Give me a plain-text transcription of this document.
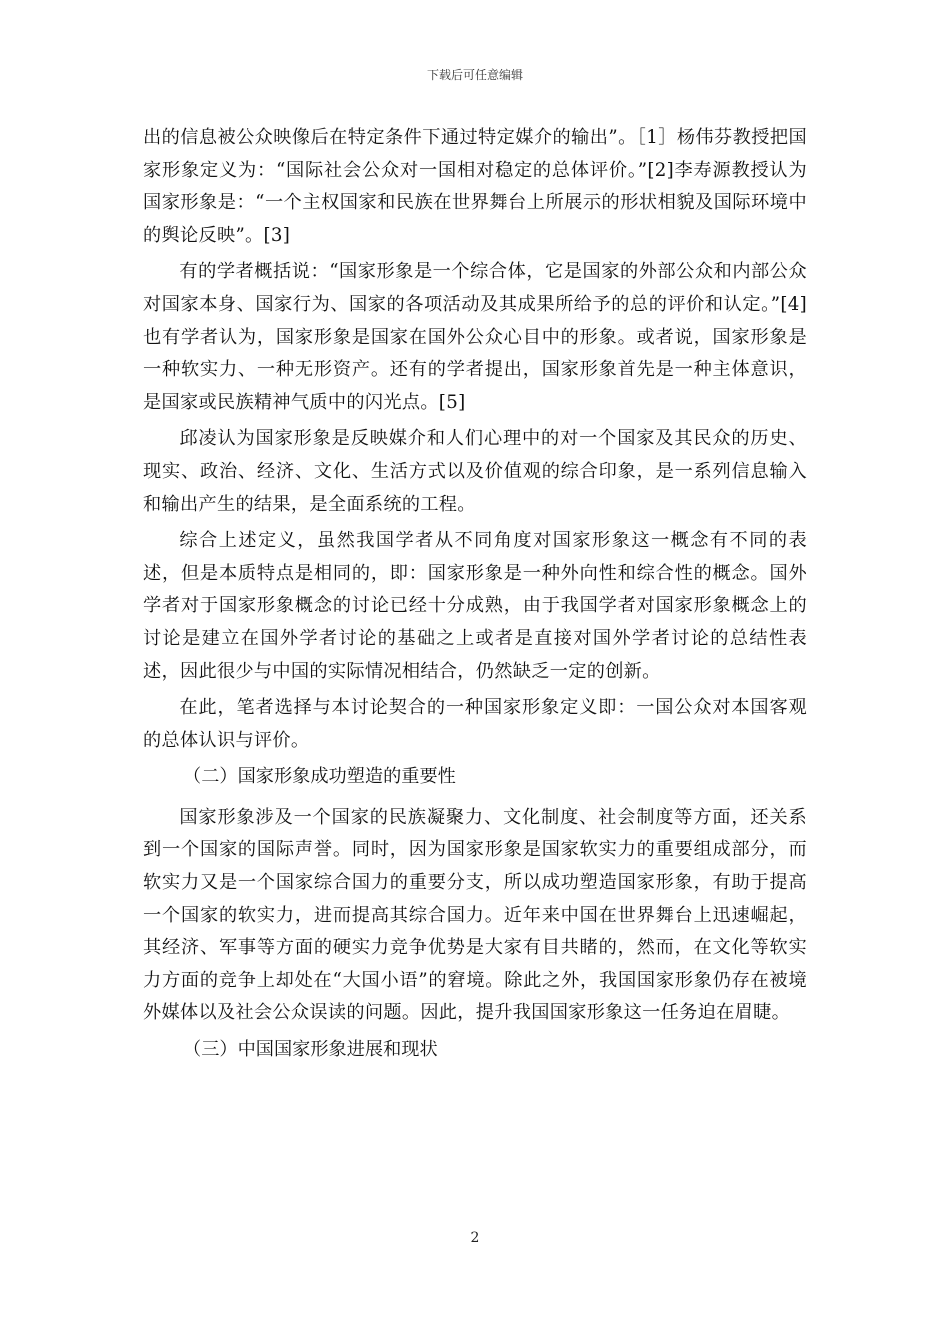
下载后可任意编辑

出的信息被公众映像后在特定条件下通过特定媒介的输出”。［1］杨伟芬教授把国家形象定义为：“国际社会公众对一国相对稳定的总体评价。”[2]李寿源教授认为国家形象是：“一个主权国家和民族在世界舞台上所展示的形状相貌及国际环境中的舆论反映”。[3]

有的学者概括说：“国家形象是一个综合体，它是国家的外部公众和内部公众对国家本身、国家行为、国家的各项活动及其成果所给予的总的评价和认定。”[4]也有学者认为，国家形象是国家在国外公众心目中的形象。或者说，国家形象是一种软实力、一种无形资产。还有的学者提出，国家形象首先是一种主体意识，是国家或民族精神气质中的闪光点。[5]

邱凌认为国家形象是反映媒介和人们心理中的对一个国家及其民众的历史、现实、政治、经济、文化、生活方式以及价值观的综合印象，是一系列信息输入和输出产生的结果，是全面系统的工程。

综合上述定义，虽然我国学者从不同角度对国家形象这一概念有不同的表述，但是本质特点是相同的，即：国家形象是一种外向性和综合性的概念。国外学者对于国家形象概念的讨论已经十分成熟，由于我国学者对国家形象概念上的讨论是建立在国外学者讨论的基础之上或者是直接对国外学者讨论的总结性表述，因此很少与中国的实际情况相结合，仍然缺乏一定的创新。

在此，笔者选择与本讨论契合的一种国家形象定义即：一国公众对本国客观的总体认识与评价。

（二）国家形象成功塑造的重要性

国家形象涉及一个国家的民族凝聚力、文化制度、社会制度等方面，还关系到一个国家的国际声誉。同时，因为国家形象是国家软实力的重要组成部分，而软实力又是一个国家综合国力的重要分支，所以成功塑造国家形象，有助于提高一个国家的软实力，进而提高其综合国力。近年来中国在世界舞台上迅速崛起，其经济、军事等方面的硬实力竞争优势是大家有目共睹的，然而，在文化等软实力方面的竞争上却处在“大国小语”的窘境。除此之外，我国国家形象仍存在被境外媒体以及社会公众误读的问题。因此，提升我国国家形象这一任务迫在眉睫。

（三）中国国家形象进展和现状

2
